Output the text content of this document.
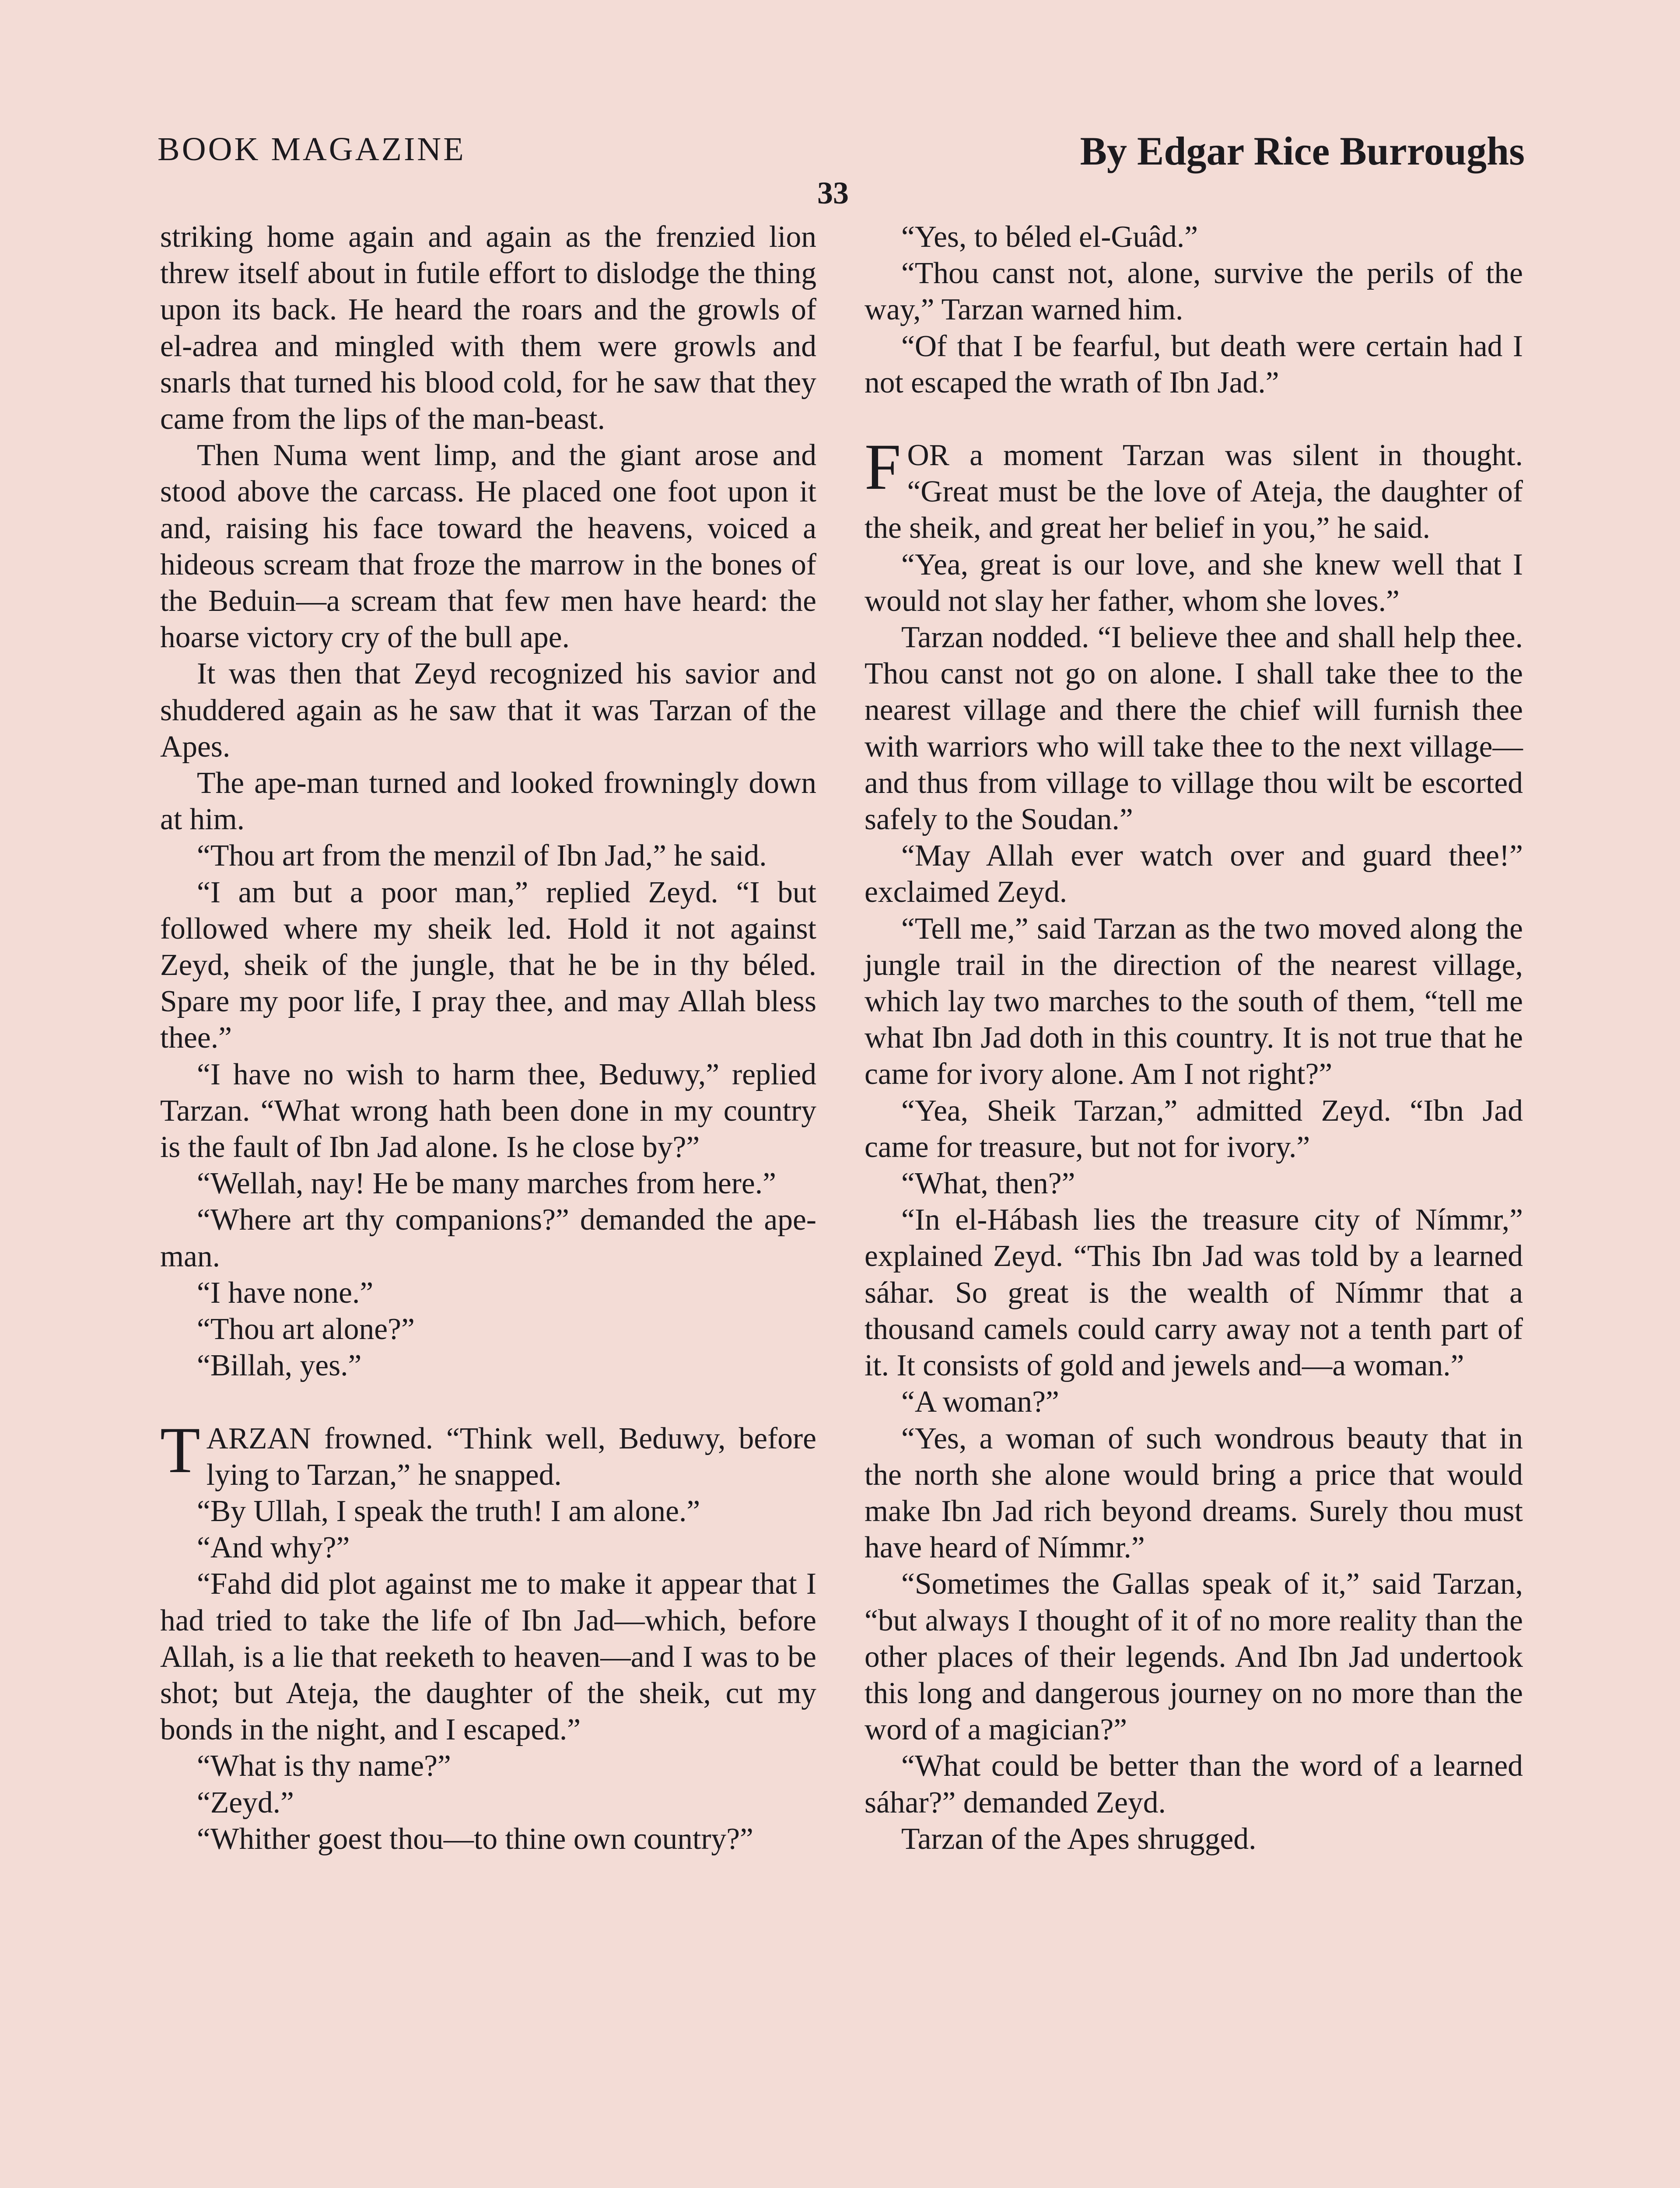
BOOK MAGAZINE	By Edgar Rice Burroughs
33

striking home again and again as the frenzied lion threw itself about in futile effort to dislodge the thing upon its back. He heard the roars and the growls of el-adrea and mingled with them were growls and snarls that turned his blood cold, for he saw that they came from the lips of the man-beast.

Then Numa went limp, and the giant arose and stood above the carcass. He placed one foot upon it and, raising his face toward the heavens, voiced a hideous scream that froze the marrow in the bones of the Beduin—a scream that few men have heard: the hoarse victory cry of the bull ape.

It was then that Zeyd recognized his savior and shuddered again as he saw that it was Tarzan of the Apes.

The ape-man turned and looked frowningly down at him.

“Thou art from the menzil of Ibn Jad,” he said.

“I am but a poor man,” replied Zeyd. “I but followed where my sheik led. Hold it not against Zeyd, sheik of the jungle, that he be in thy béled. Spare my poor life, I pray thee, and may Allah bless thee.”

“I have no wish to harm thee, Beduwy,” replied Tarzan. “What wrong hath been done in my country is the fault of Ibn Jad alone. Is he close by?”

“Wellah, nay! He be many marches from here.”

“Where art thy companions?” demanded the ape-man.

“I have none.”

“Thou art alone?”

“Billah, yes.”

TARZAN frowned. “Think well, Beduwy, before lying to Tarzan,” he snapped.

“By Ullah, I speak the truth! I am alone.”

“And why?”

“Fahd did plot against me to make it appear that I had tried to take the life of Ibn Jad—which, before Allah, is a lie that reeketh to heaven—and I was to be shot; but Ateja, the daughter of the sheik, cut my bonds in the night, and I escaped.”

“What is thy name?”

“Zeyd.”

“Whither goest thou—to thine own country?”

“Yes, to béled el-Guâd.”

“Thou canst not, alone, survive the perils of the way,” Tarzan warned him.

“Of that I be fearful, but death were certain had I not escaped the wrath of Ibn Jad.”

FOR a moment Tarzan was silent in thought. “Great must be the love of Ateja, the daughter of the sheik, and great her belief in you,” he said.

“Yea, great is our love, and she knew well that I would not slay her father, whom she loves.”

Tarzan nodded. “I believe thee and shall help thee. Thou canst not go on alone. I shall take thee to the nearest village and there the chief will furnish thee with warriors who will take thee to the next village—and thus from village to village thou wilt be escorted safely to the Soudan.”

“May Allah ever watch over and guard thee!” exclaimed Zeyd.

“Tell me,” said Tarzan as the two moved along the jungle trail in the direction of the nearest village, which lay two marches to the south of them, “tell me what Ibn Jad doth in this country. It is not true that he came for ivory alone. Am I not right?”

“Yea, Sheik Tarzan,” admitted Zeyd. “Ibn Jad came for treasure, but not for ivory.”

“What, then?”

“In el-Hábash lies the treasure city of Nímmr,” explained Zeyd. “This Ibn Jad was told by a learned sáhar. So great is the wealth of Nímmr that a thousand camels could carry away not a tenth part of it. It consists of gold and jewels and—a woman.”

“A woman?”

“Yes, a woman of such wondrous beauty that in the north she alone would bring a price that would make Ibn Jad rich beyond dreams. Surely thou must have heard of Nímmr.”

“Sometimes the Gallas speak of it,” said Tarzan, “but always I thought of it of no more reality than the other places of their legends. And Ibn Jad undertook this long and dangerous journey on no more than the word of a magician?”

“What could be better than the word of a learned sáhar?” demanded Zeyd.

Tarzan of the Apes shrugged.
